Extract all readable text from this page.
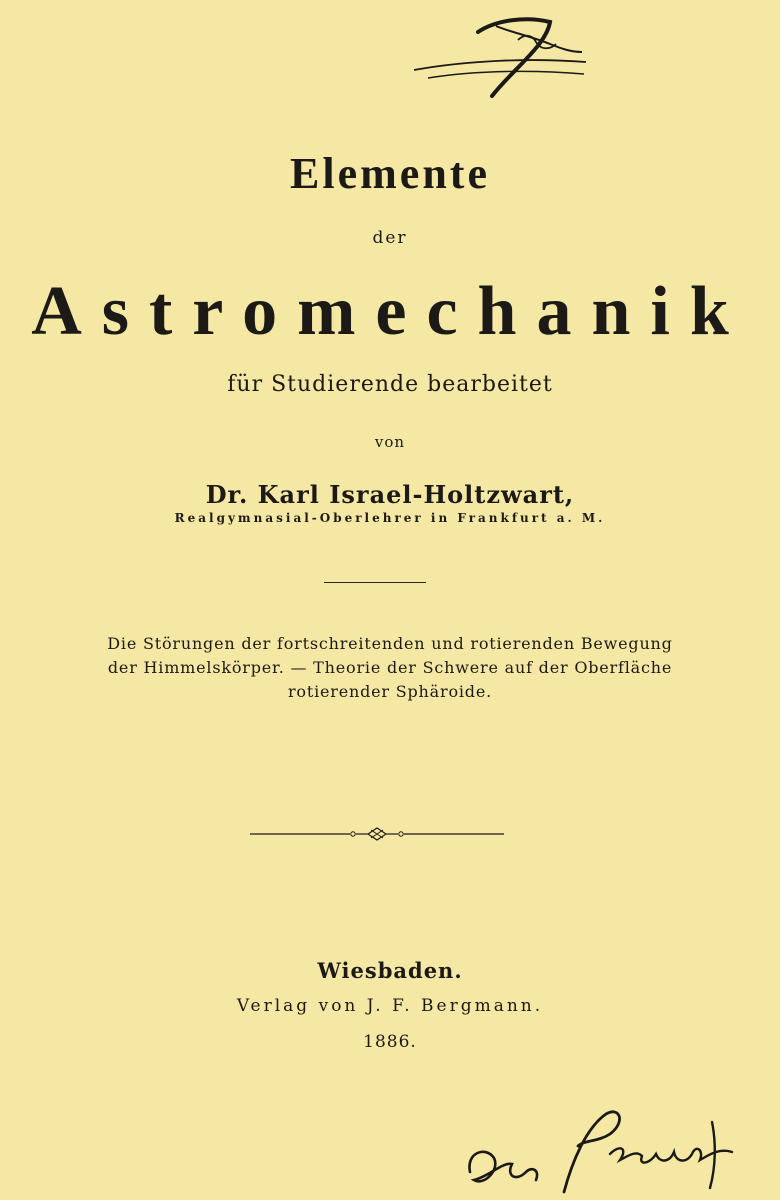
Elemente
der
Astromechanik
für Studierende bearbeitet
von
Dr. Karl Israel-Holtzwart,
Realgymnasial-Oberlehrer in Frankfurt a. M.
Die Störungen der fortschreitenden und rotierenden Bewegung
der Himmelskörper. — Theorie der Schwere auf der Oberfläche
rotierender Sphäroide.
Wiesbaden.
Verlag von J. F. Bergmann.
1886.
